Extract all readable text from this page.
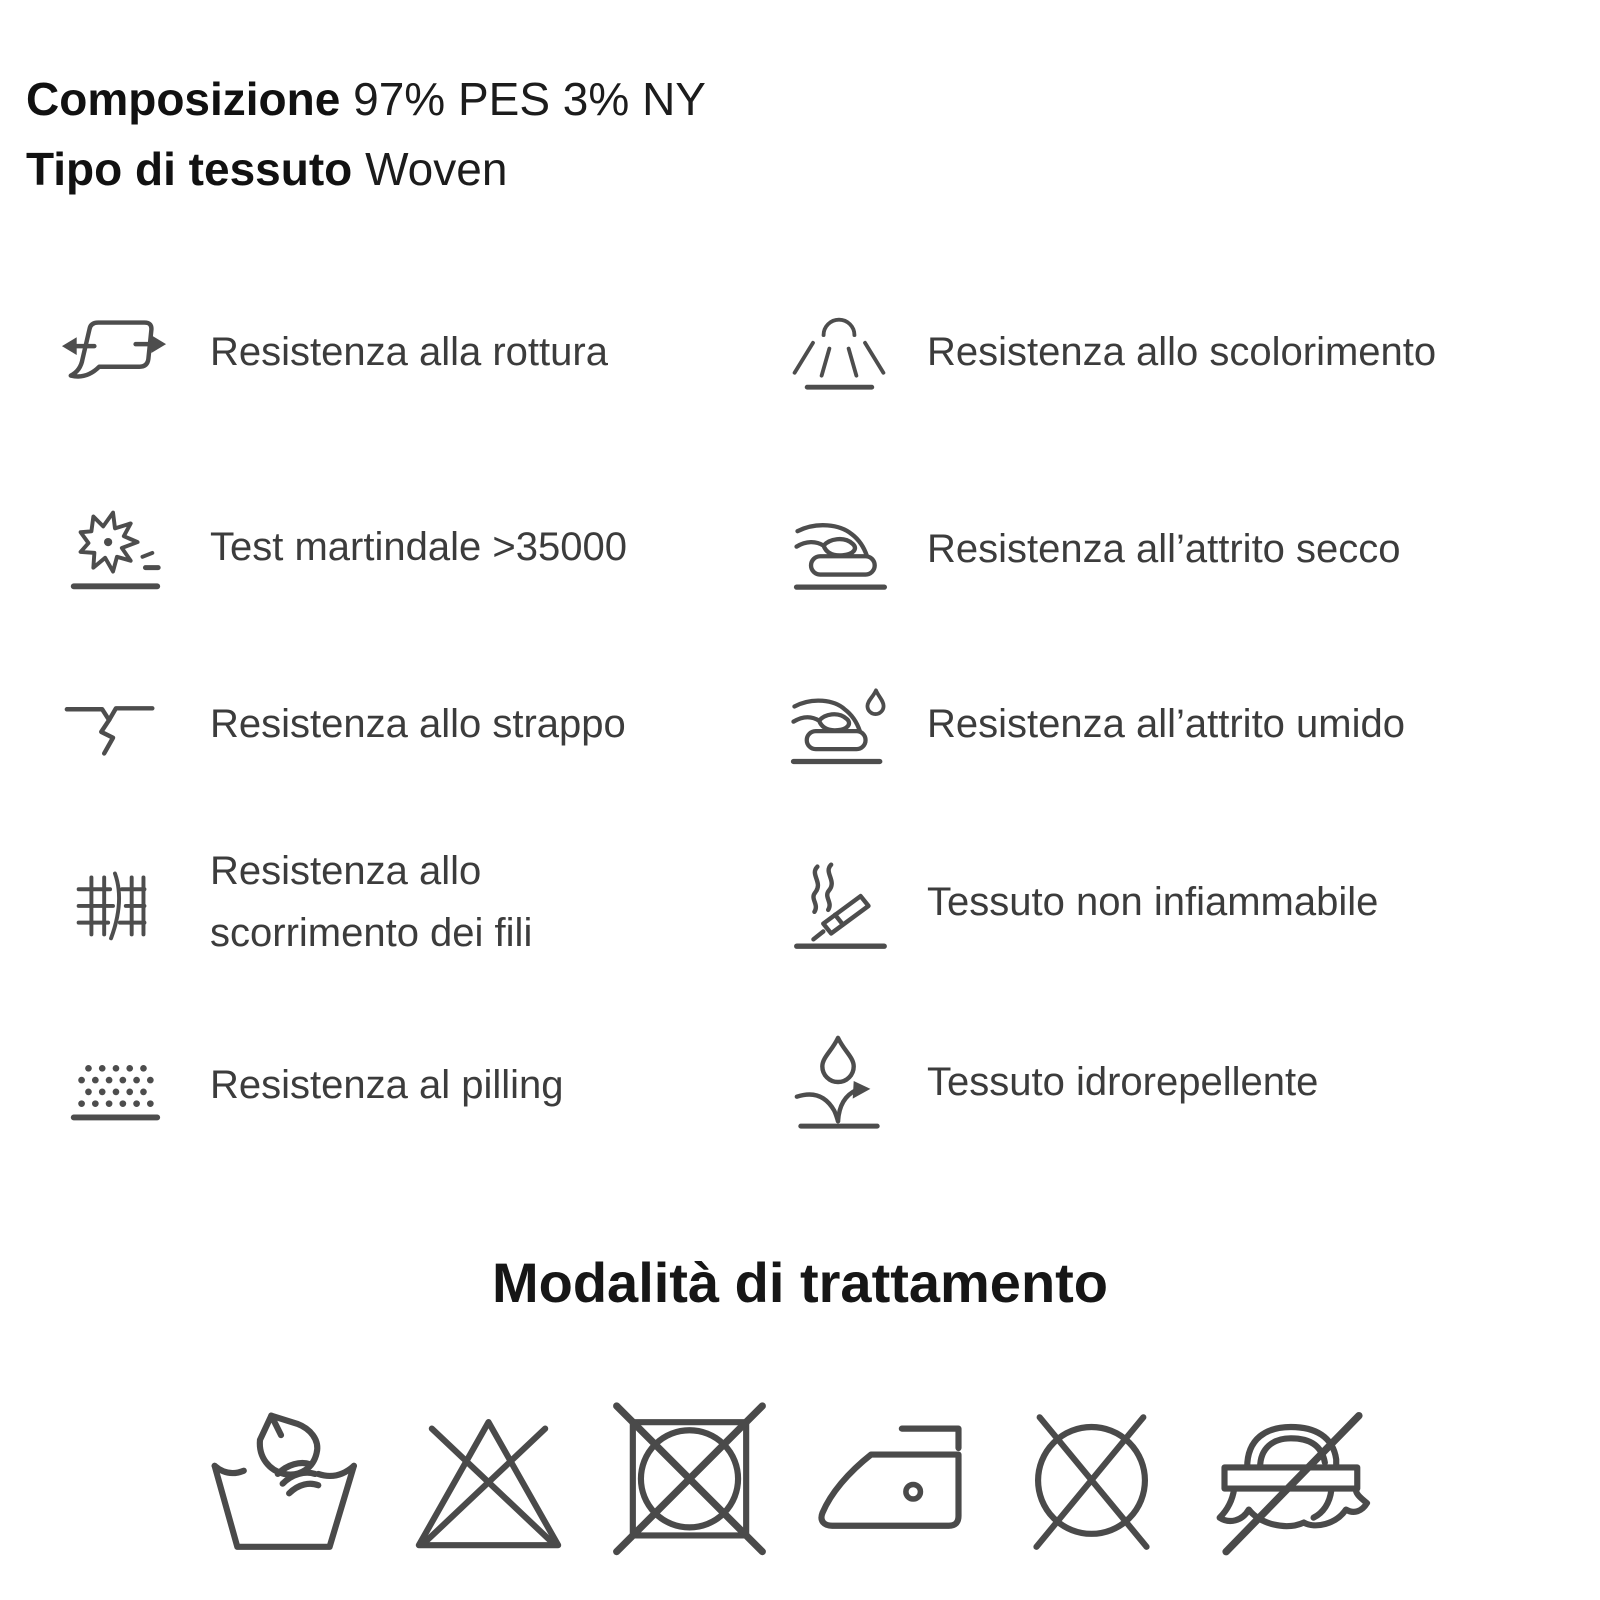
Composizione 97% PES 3% NY
Tipo di tessuto Woven
Resistenza alla rottura
Test martindale >35000
Resistenza allo strappo
Resistenza allo scorrimento dei fili
Resistenza al pilling
Resistenza allo scolorimento
Resistenza all’attrito secco
Resistenza all’attrito umido
Tessuto non infiammabile
Tessuto idrorepellente
Modalità di trattamento
